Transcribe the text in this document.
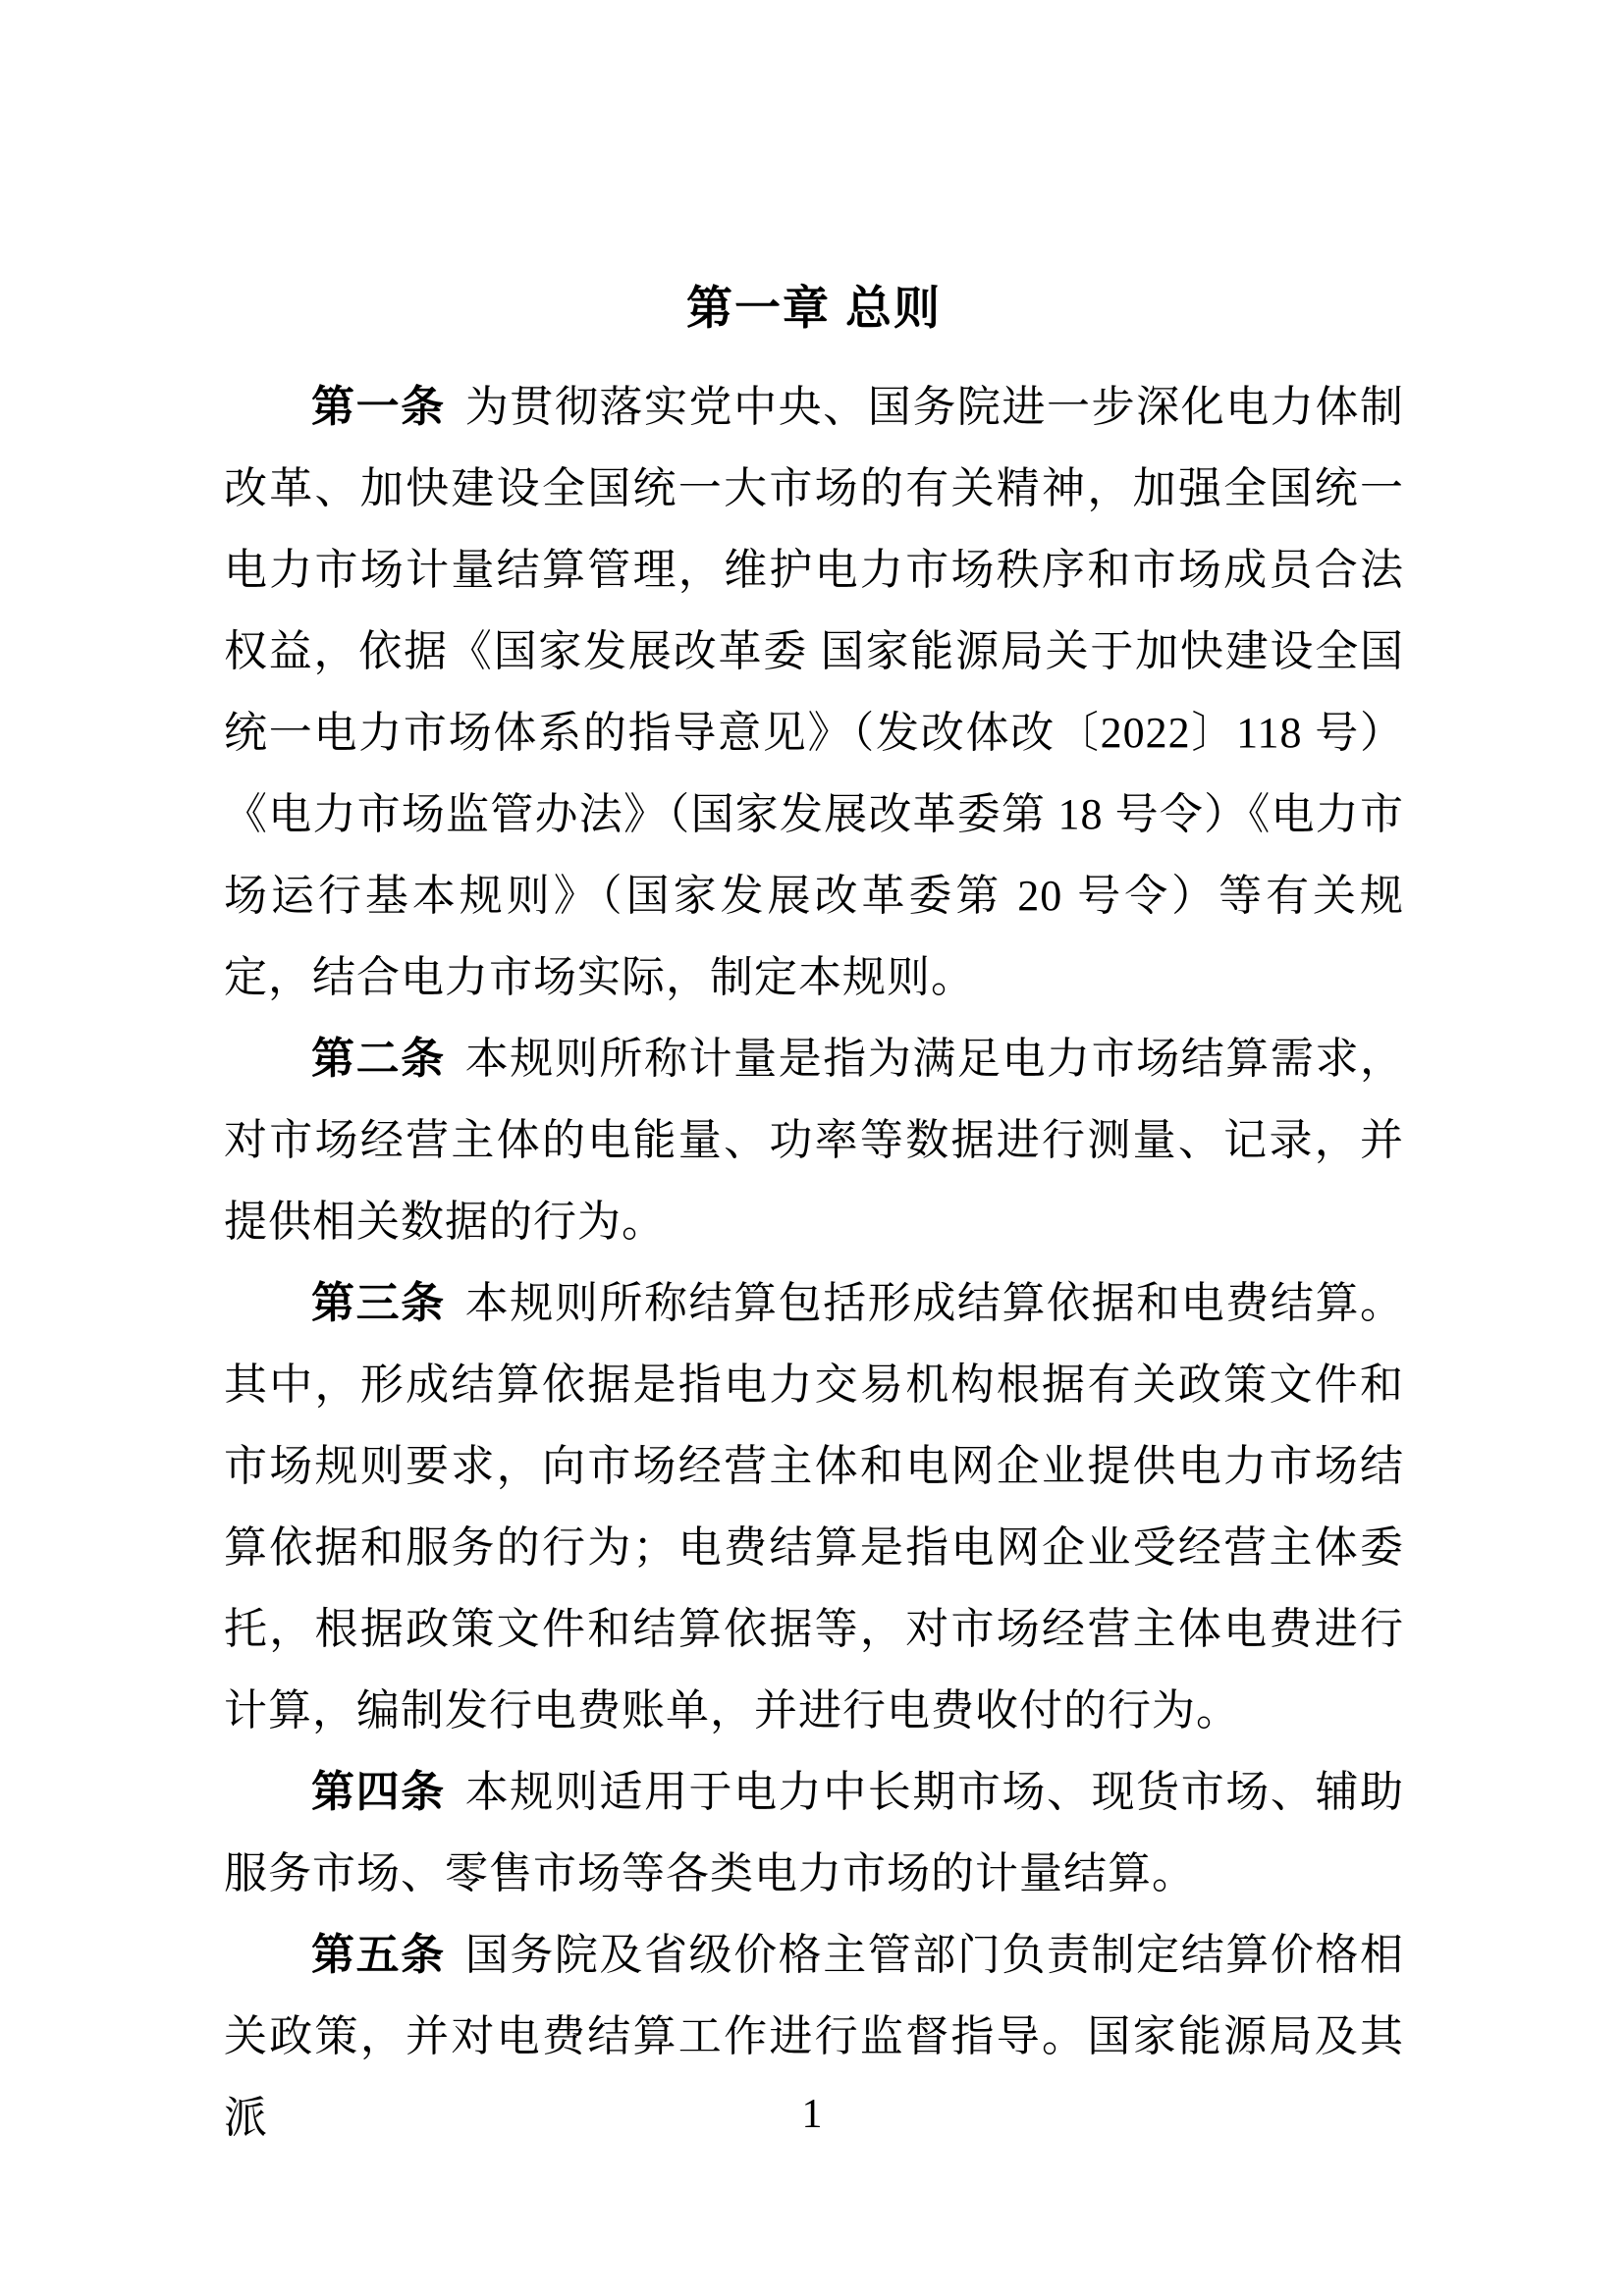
第一章 总则

第一条 为贯彻落实党中央、国务院进一步深化电力体制改革、加快建设全国统一大市场的有关精神，加强全国统一电力市场计量结算管理，维护电力市场秩序和市场成员合法权益，依据《国家发展改革委 国家能源局关于加快建设全国统一电力市场体系的指导意见》（发改体改〔2022〕118 号）《电力市场监管办法》（国家发展改革委第 18 号令）《电力市场运行基本规则》（国家发展改革委第 20 号令）等有关规定，结合电力市场实际，制定本规则。

第二条 本规则所称计量是指为满足电力市场结算需求，对市场经营主体的电能量、功率等数据进行测量、记录，并提供相关数据的行为。

第三条 本规则所称结算包括形成结算依据和电费结算。其中，形成结算依据是指电力交易机构根据有关政策文件和市场规则要求，向市场经营主体和电网企业提供电力市场结算依据和服务的行为；电费结算是指电网企业受经营主体委托，根据政策文件和结算依据等，对市场经营主体电费进行计算，编制发行电费账单，并进行电费收付的行为。

第四条 本规则适用于电力中长期市场、现货市场、辅助服务市场、零售市场等各类电力市场的计量结算。

第五条 国务院及省级价格主管部门负责制定结算价格相关政策，并对电费结算工作进行监督指导。国家能源局及其派	1
